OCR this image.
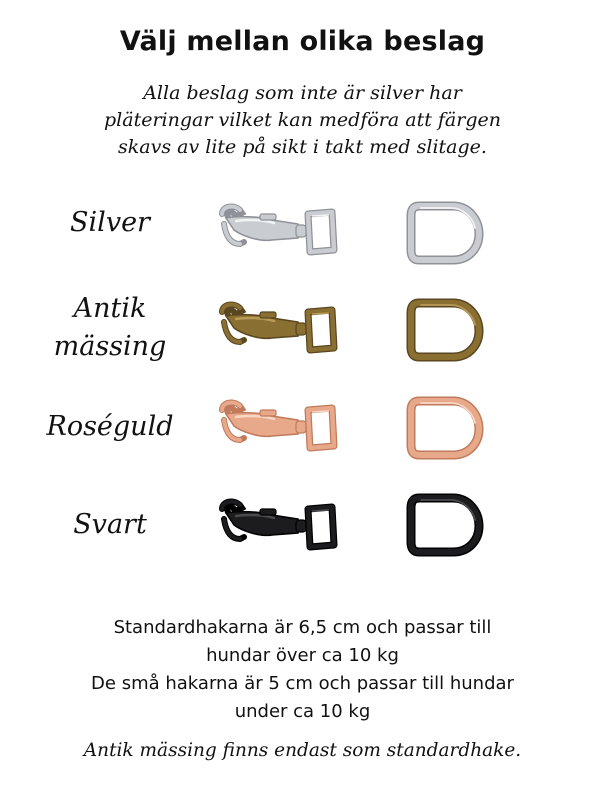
Välj mellan olika beslag
Alla beslag som inte är silver har
pläteringar vilket kan medföra att färgen
skavs av lite på sikt i takt med slitage.
Silver
Antik
mässing
Roséguld
Svart
Standardhakarna är 6,5 cm och passar till
hundar över ca 10 kg
De små hakarna är 5 cm och passar till hundar
under ca 10 kg
Antik mässing finns endast som standardhake.
